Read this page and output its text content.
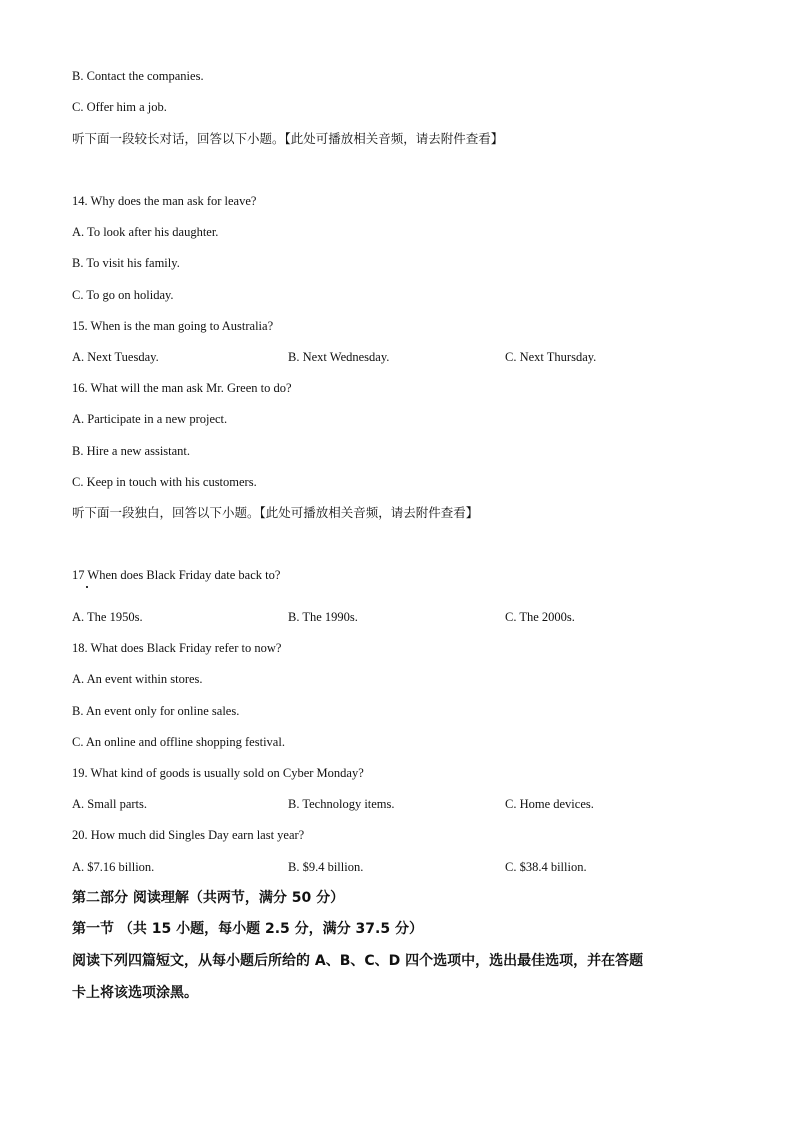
B. Contact the companies.
C. Offer him a job.
听下面一段较长对话，回答以下小题。【此处可播放相关音频，请去附件查看】
14. Why does the man ask for leave?
A. To look after his daughter.
B. To visit his family.
C. To go on holiday.
15. When is the man going to Australia?
A. Next Tuesday.	B. Next Wednesday.	C. Next Thursday.
16. What will the man ask Mr. Green to do?
A. Participate in a new project.
B. Hire a new assistant.
C. Keep in touch with his customers.
听下面一段独白，回答以下小题。【此处可播放相关音频，请去附件查看】
17 When does Black Friday date back to?
A. The 1950s.	B. The 1990s.	C. The 2000s.
18. What does Black Friday refer to now?
A. An event within stores.
B. An event only for online sales.
C. An online and offline shopping festival.
19. What kind of goods is usually sold on Cyber Monday?
A. Small parts.	B. Technology items.	C. Home devices.
20. How much did Singles Day earn last year?
A. $7.16 billion.	B. $9.4 billion.	C. $38.4 billion.
第二部分 阅读理解（共两节，满分 50 分）
第一节 （共 15 小题，每小题 2.5 分，满分 37.5 分）
阅读下列四篇短文，从每小题后所给的 A、B、C、D 四个选项中，选出最佳选项，并在答题
卡上将该选项涂黑。
